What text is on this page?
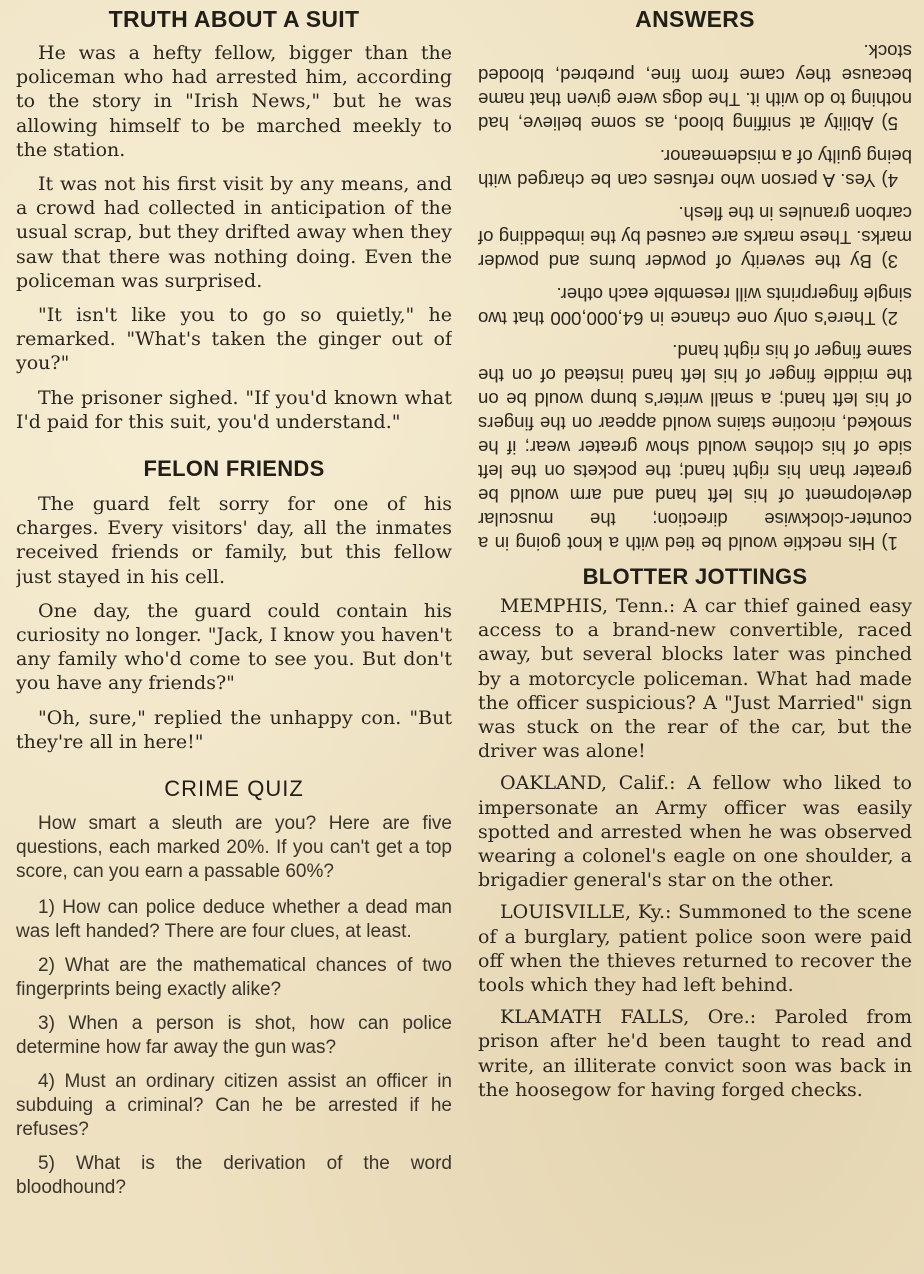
TRUTH ABOUT A SUIT

He was a hefty fellow, bigger than the policeman who had arrested him, according to the story in "Irish News," but he was allowing himself to be marched meekly to the station.

It was not his first visit by any means, and a crowd had collected in anticipation of the usual scrap, but they drifted away when they saw that there was nothing doing. Even the policeman was surprised.

"It isn't like you to go so quietly," he remarked. "What's taken the ginger out of you?"

The prisoner sighed. "If you'd known what I'd paid for this suit, you'd understand."

FELON FRIENDS

The guard felt sorry for one of his charges. Every visitors' day, all the inmates received friends or family, but this fellow just stayed in his cell.

One day, the guard could contain his curiosity no longer. "Jack, I know you haven't any family who'd come to see you. But don't you have any friends?"

"Oh, sure," replied the unhappy con. "But they're all in here!"

CRIME QUIZ

How smart a sleuth are you? Here are five questions, each marked 20%. If you can't get a top score, can you earn a passable 60%?

1) How can police deduce whether a dead man was left handed? There are four clues, at least.

2) What are the mathematical chances of two fingerprints being exactly alike?

3) When a person is shot, how can police determine how far away the gun was?

4) Must an ordinary citizen assist an officer in subduing a criminal? Can he be arrested if he refuses?

5) What is the derivation of the word bloodhound?

ANSWERS

1) His necktie would be tied with a knot going in a counter-clockwise direction; the muscular development of his left hand and arm would be greater than his right hand; the pockets on the left side of his clothes would show greater wear; if he smoked, nicotine stains would appear on the fingers of his left hand; a small writer's bump would be on the middle finger of his left hand instead of on the same finger of his right hand.

2) There's only one chance in 64,000,000 that two single fingerprints will resemble each other.

3) By the severity of powder burns and powder marks. These marks are caused by the imbedding of carbon granules in the flesh.

4) Yes. A person who refuses can be charged with being guilty of a misdemeanor.

5) Ability at sniffing blood, as some believe, had nothing to do with it. The dogs were given that name because they came from fine, purebred, blooded stock.

BLOTTER JOTTINGS

MEMPHIS, Tenn.: A car thief gained easy access to a brand-new convertible, raced away, but several blocks later was pinched by a motorcycle policeman. What had made the officer suspicious? A "Just Married" sign was stuck on the rear of the car, but the driver was alone!

OAKLAND, Calif.: A fellow who liked to impersonate an Army officer was easily spotted and arrested when he was observed wearing a colonel's eagle on one shoulder, a brigadier general's star on the other.

LOUISVILLE, Ky.: Summoned to the scene of a burglary, patient police soon were paid off when the thieves returned to recover the tools which they had left behind.

KLAMATH FALLS, Ore.: Paroled from prison after he'd been taught to read and write, an illiterate convict soon was back in the hoosegow for having forged checks.
